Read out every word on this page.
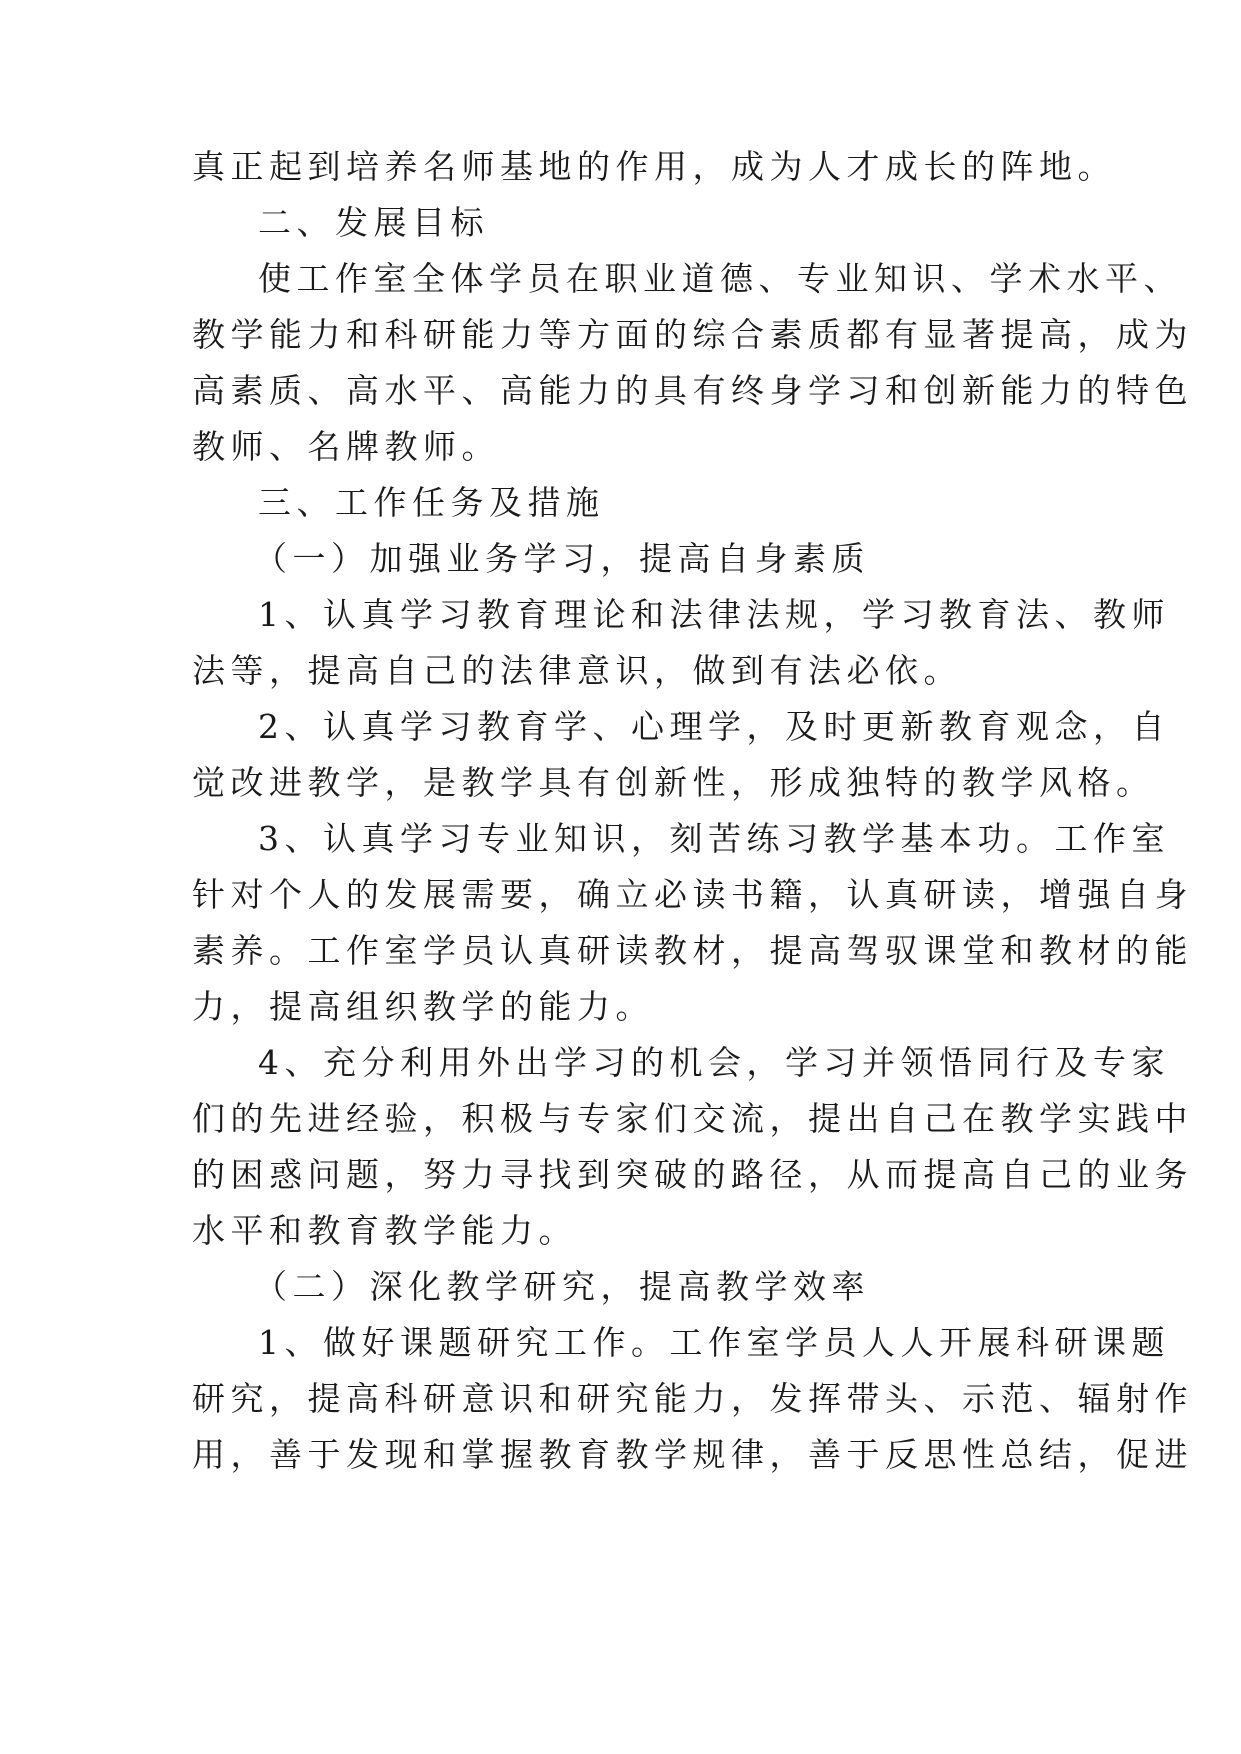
真正起到培养名师基地的作用，成为人才成长的阵地。
二、发展目标
使工作室全体学员在职业道德、专业知识、学术水平、
教学能力和科研能力等方面的综合素质都有显著提高，成为
高素质、高水平、高能力的具有终身学习和创新能力的特色
教师、名牌教师。
三、工作任务及措施
（一）加强业务学习，提高自身素质
1、认真学习教育理论和法律法规，学习教育法、教师
法等，提高自己的法律意识，做到有法必依。
2、认真学习教育学、心理学，及时更新教育观念，自
觉改进教学，是教学具有创新性，形成独特的教学风格。
3、认真学习专业知识，刻苦练习教学基本功。工作室
针对个人的发展需要，确立必读书籍，认真研读，增强自身
素养。工作室学员认真研读教材，提高驾驭课堂和教材的能
力，提高组织教学的能力。
4、充分利用外出学习的机会，学习并领悟同行及专家
们的先进经验，积极与专家们交流，提出自己在教学实践中
的困惑问题，努力寻找到突破的路径，从而提高自己的业务
水平和教育教学能力。
（二）深化教学研究，提高教学效率
1、做好课题研究工作。工作室学员人人开展科研课题
研究，提高科研意识和研究能力，发挥带头、示范、辐射作
用，善于发现和掌握教育教学规律，善于反思性总结，促进
